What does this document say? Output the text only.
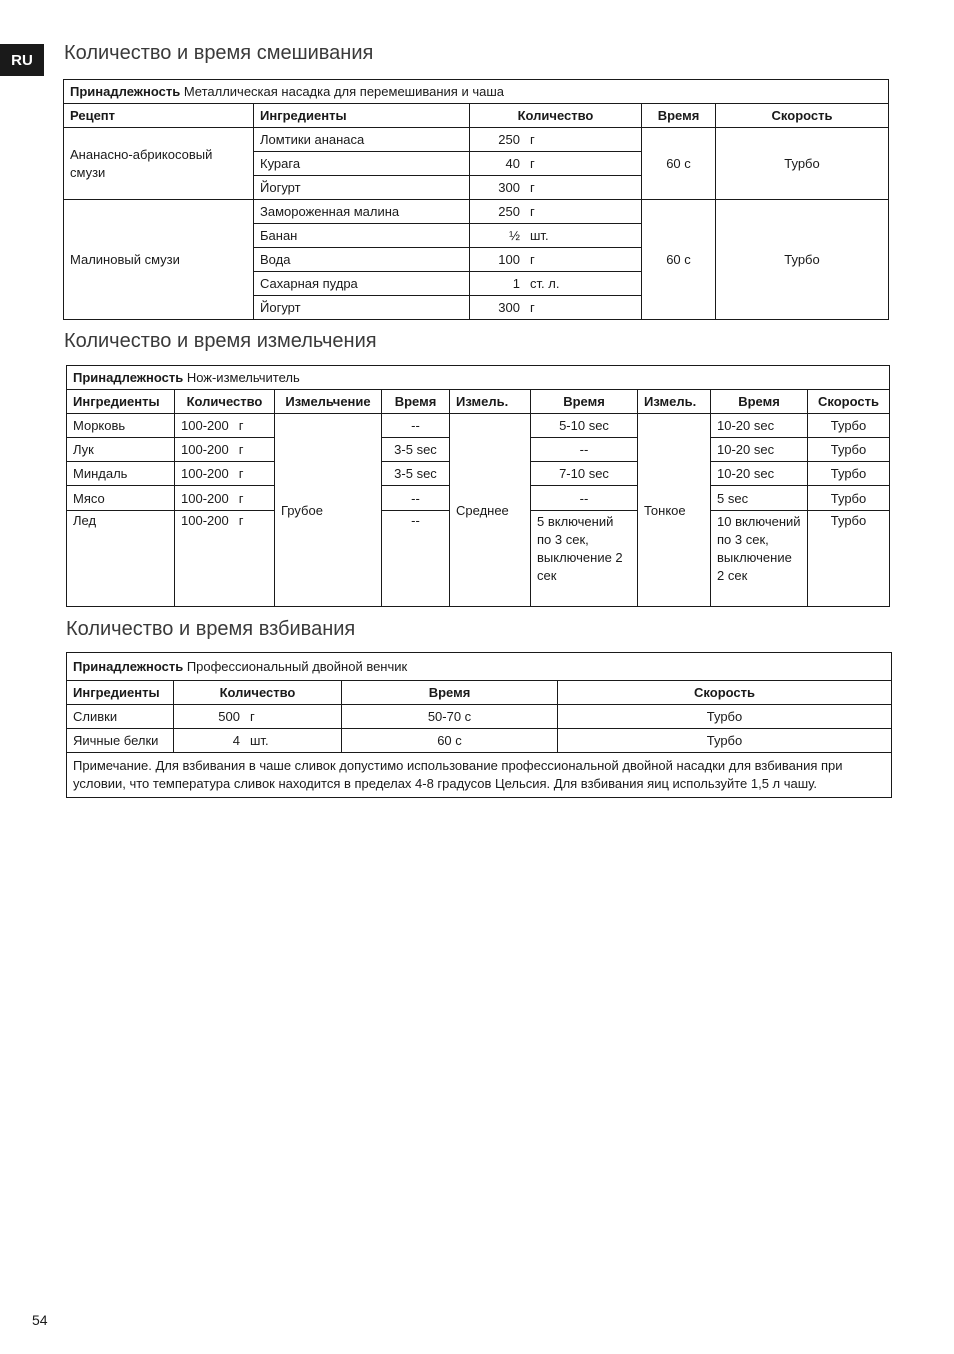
RU	Количество и время смешивания
Принадлежность Металлическая насадка для перемешивания и чаша				
Рецепт	Ингредиенты	Количество	Время	Скорость
Ананасно-абрикосовый смузи	Ломтики ананаса	250 г	60 с	Турбо
	Курага	40 г		
	Йогурт	300 г		
Малиновый смузи	Замороженная малина	250 г	60 с	Турбо
	Банан	½ шт.		
	Вода	100 г		
	Сахарная пудра	1 ст. л.		
	Йогурт	300 г		
Количество и время измельчения
Принадлежность Нож-измельчитель								
Ингредиенты	Количество	Измельчение	Время	Измель.	Время	Измель.	Время	Скорость
Морковь	100-200 г	Грубое	--	Среднее	5-10 sec	Тонкое	10-20 sec	Турбо
Лук	100-200 г		3-5 sec		--		10-20 sec	Турбо
Миндаль	100-200 г		3-5 sec		7-10 sec		10-20 sec	Турбо
Мясо	100-200 г		--		--		5 sec	Турбо
Лед	100-200 г		--		5 включений по 3 сек, выключение 2 сек		10 включений по 3 сек, выключение 2 сек	Турбо
Количество и время взбивания
Принадлежность Профессиональный двойной венчик			
Ингредиенты	Количество	Время	Скорость
Сливки	500 г	50-70 с	Турбо
Яичные белки	4 шт.	60 с	Турбо
Примечание. Для взбивания в чаше сливок допустимо использование профессиональной двойной насадки для взбивания при условии, что температура сливок находится в пределах 4-8 градусов Цельсия. Для взбивания яиц используйте 1,5 л чашу.			
54
